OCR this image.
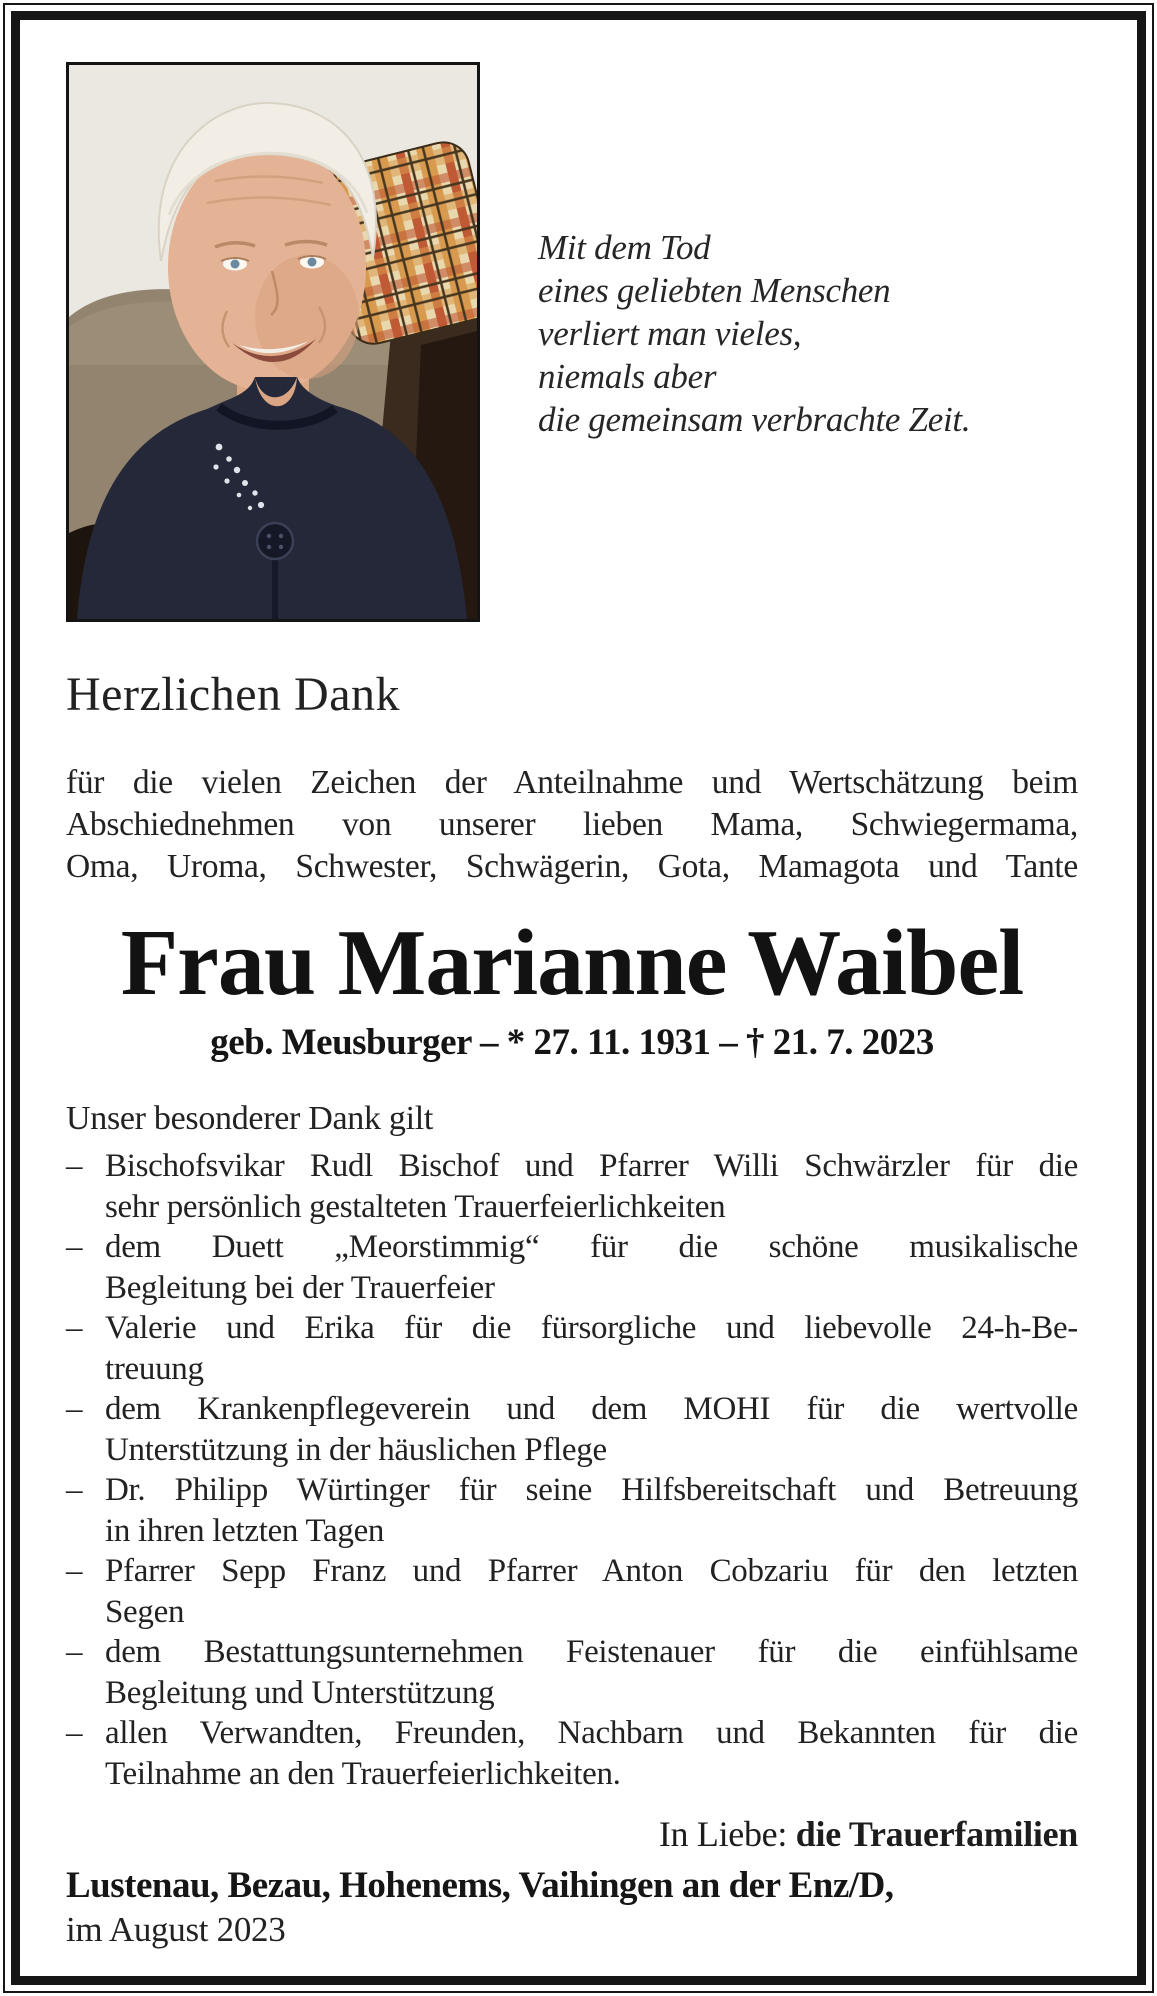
Mit dem Tod
eines geliebten Menschen
verliert man vieles,
niemals aber
die gemeinsam verbrachte Zeit.
Herzlichen Dank
für die vielen Zeichen der Anteilnahme und Wertschätzung beim
Abschiednehmen von unserer lieben Mama, Schwiegermama,
Oma, Uroma, Schwester, Schwägerin, Gota, Mamagota und Tante
Frau Marianne Waibel
geb. Meusburger – * 27. 11. 1931 – † 21. 7. 2023
Unser besonderer Dank gilt
– Bischofsvikar Rudl Bischof und Pfarrer Willi Schwärzler für die
sehr persönlich gestalteten Trauerfeierlichkeiten
– dem Duett „Meorstimmig“ für die schöne musikalische
Begleitung bei der Trauerfeier
– Valerie und Erika für die fürsorgliche und liebevolle 24-h-Be-
treuung
– dem Krankenpflegeverein und dem MOHI für die wertvolle
Unterstützung in der häuslichen Pflege
– Dr. Philipp Würtinger für seine Hilfsbereitschaft und Betreuung
in ihren letzten Tagen
– Pfarrer Sepp Franz und Pfarrer Anton Cobzariu für den letzten
Segen
– dem Bestattungsunternehmen Feistenauer für die einfühlsame
Begleitung und Unterstützung
– allen Verwandten, Freunden, Nachbarn und Bekannten für die
Teilnahme an den Trauerfeierlichkeiten.
In Liebe: die Trauerfamilien
Lustenau, Bezau, Hohenems, Vaihingen an der Enz/D,
im August 2023
